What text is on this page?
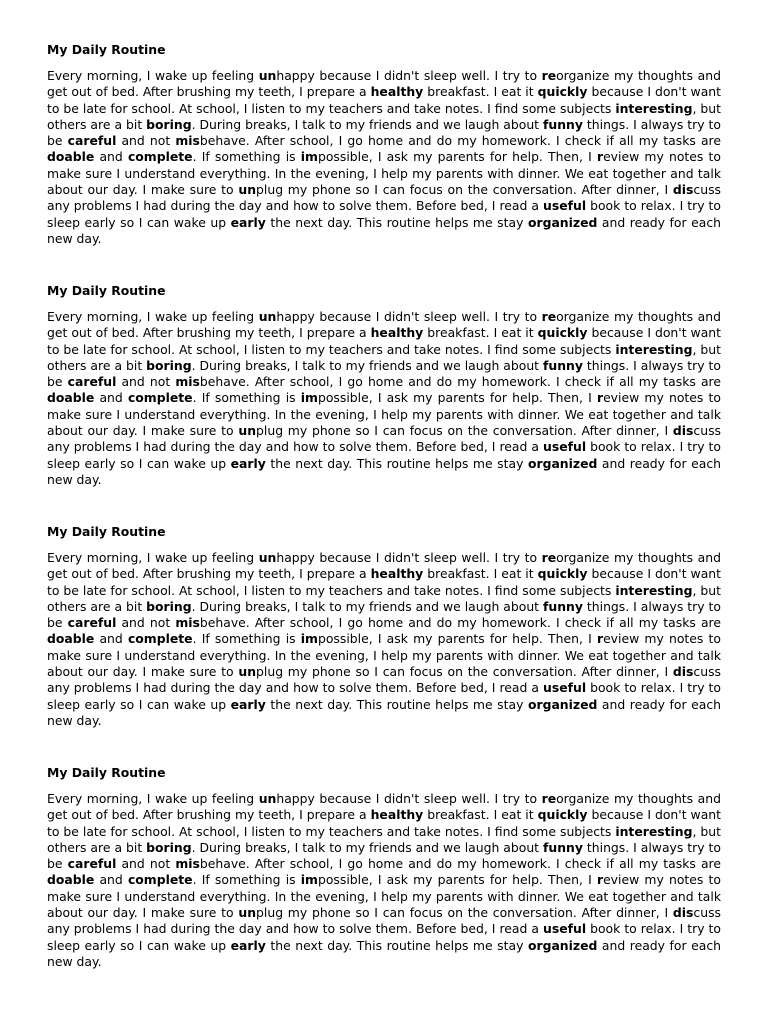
My Daily Routine

Every morning, I wake up feeling unhappy because I didn't sleep well. I try to reorganize my thoughts and get out of bed. After brushing my teeth, I prepare a healthy breakfast. I eat it quickly because I don't want to be late for school. At school, I listen to my teachers and take notes. I find some subjects interesting, but others are a bit boring. During breaks, I talk to my friends and we laugh about funny things. I always try to be careful and not misbehave. After school, I go home and do my homework. I check if all my tasks are doable and complete. If something is impossible, I ask my parents for help. Then, I review my notes to make sure I understand everything. In the evening, I help my parents with dinner. We eat together and talk about our day. I make sure to unplug my phone so I can focus on the conversation. After dinner, I discuss any problems I had during the day and how to solve them. Before bed, I read a useful book to relax. I try to sleep early so I can wake up early the next day. This routine helps me stay organized and ready for each new day.

My Daily Routine

Every morning, I wake up feeling unhappy because I didn't sleep well. I try to reorganize my thoughts and get out of bed. After brushing my teeth, I prepare a healthy breakfast. I eat it quickly because I don't want to be late for school. At school, I listen to my teachers and take notes. I find some subjects interesting, but others are a bit boring. During breaks, I talk to my friends and we laugh about funny things. I always try to be careful and not misbehave. After school, I go home and do my homework. I check if all my tasks are doable and complete. If something is impossible, I ask my parents for help. Then, I review my notes to make sure I understand everything. In the evening, I help my parents with dinner. We eat together and talk about our day. I make sure to unplug my phone so I can focus on the conversation. After dinner, I discuss any problems I had during the day and how to solve them. Before bed, I read a useful book to relax. I try to sleep early so I can wake up early the next day. This routine helps me stay organized and ready for each new day.

My Daily Routine

Every morning, I wake up feeling unhappy because I didn't sleep well. I try to reorganize my thoughts and get out of bed. After brushing my teeth, I prepare a healthy breakfast. I eat it quickly because I don't want to be late for school. At school, I listen to my teachers and take notes. I find some subjects interesting, but others are a bit boring. During breaks, I talk to my friends and we laugh about funny things. I always try to be careful and not misbehave. After school, I go home and do my homework. I check if all my tasks are doable and complete. If something is impossible, I ask my parents for help. Then, I review my notes to make sure I understand everything. In the evening, I help my parents with dinner. We eat together and talk about our day. I make sure to unplug my phone so I can focus on the conversation. After dinner, I discuss any problems I had during the day and how to solve them. Before bed, I read a useful book to relax. I try to sleep early so I can wake up early the next day. This routine helps me stay organized and ready for each new day.

My Daily Routine

Every morning, I wake up feeling unhappy because I didn't sleep well. I try to reorganize my thoughts and get out of bed. After brushing my teeth, I prepare a healthy breakfast. I eat it quickly because I don't want to be late for school. At school, I listen to my teachers and take notes. I find some subjects interesting, but others are a bit boring. During breaks, I talk to my friends and we laugh about funny things. I always try to be careful and not misbehave. After school, I go home and do my homework. I check if all my tasks are doable and complete. If something is impossible, I ask my parents for help. Then, I review my notes to make sure I understand everything. In the evening, I help my parents with dinner. We eat together and talk about our day. I make sure to unplug my phone so I can focus on the conversation. After dinner, I discuss any problems I had during the day and how to solve them. Before bed, I read a useful book to relax. I try to sleep early so I can wake up early the next day. This routine helps me stay organized and ready for each new day.
